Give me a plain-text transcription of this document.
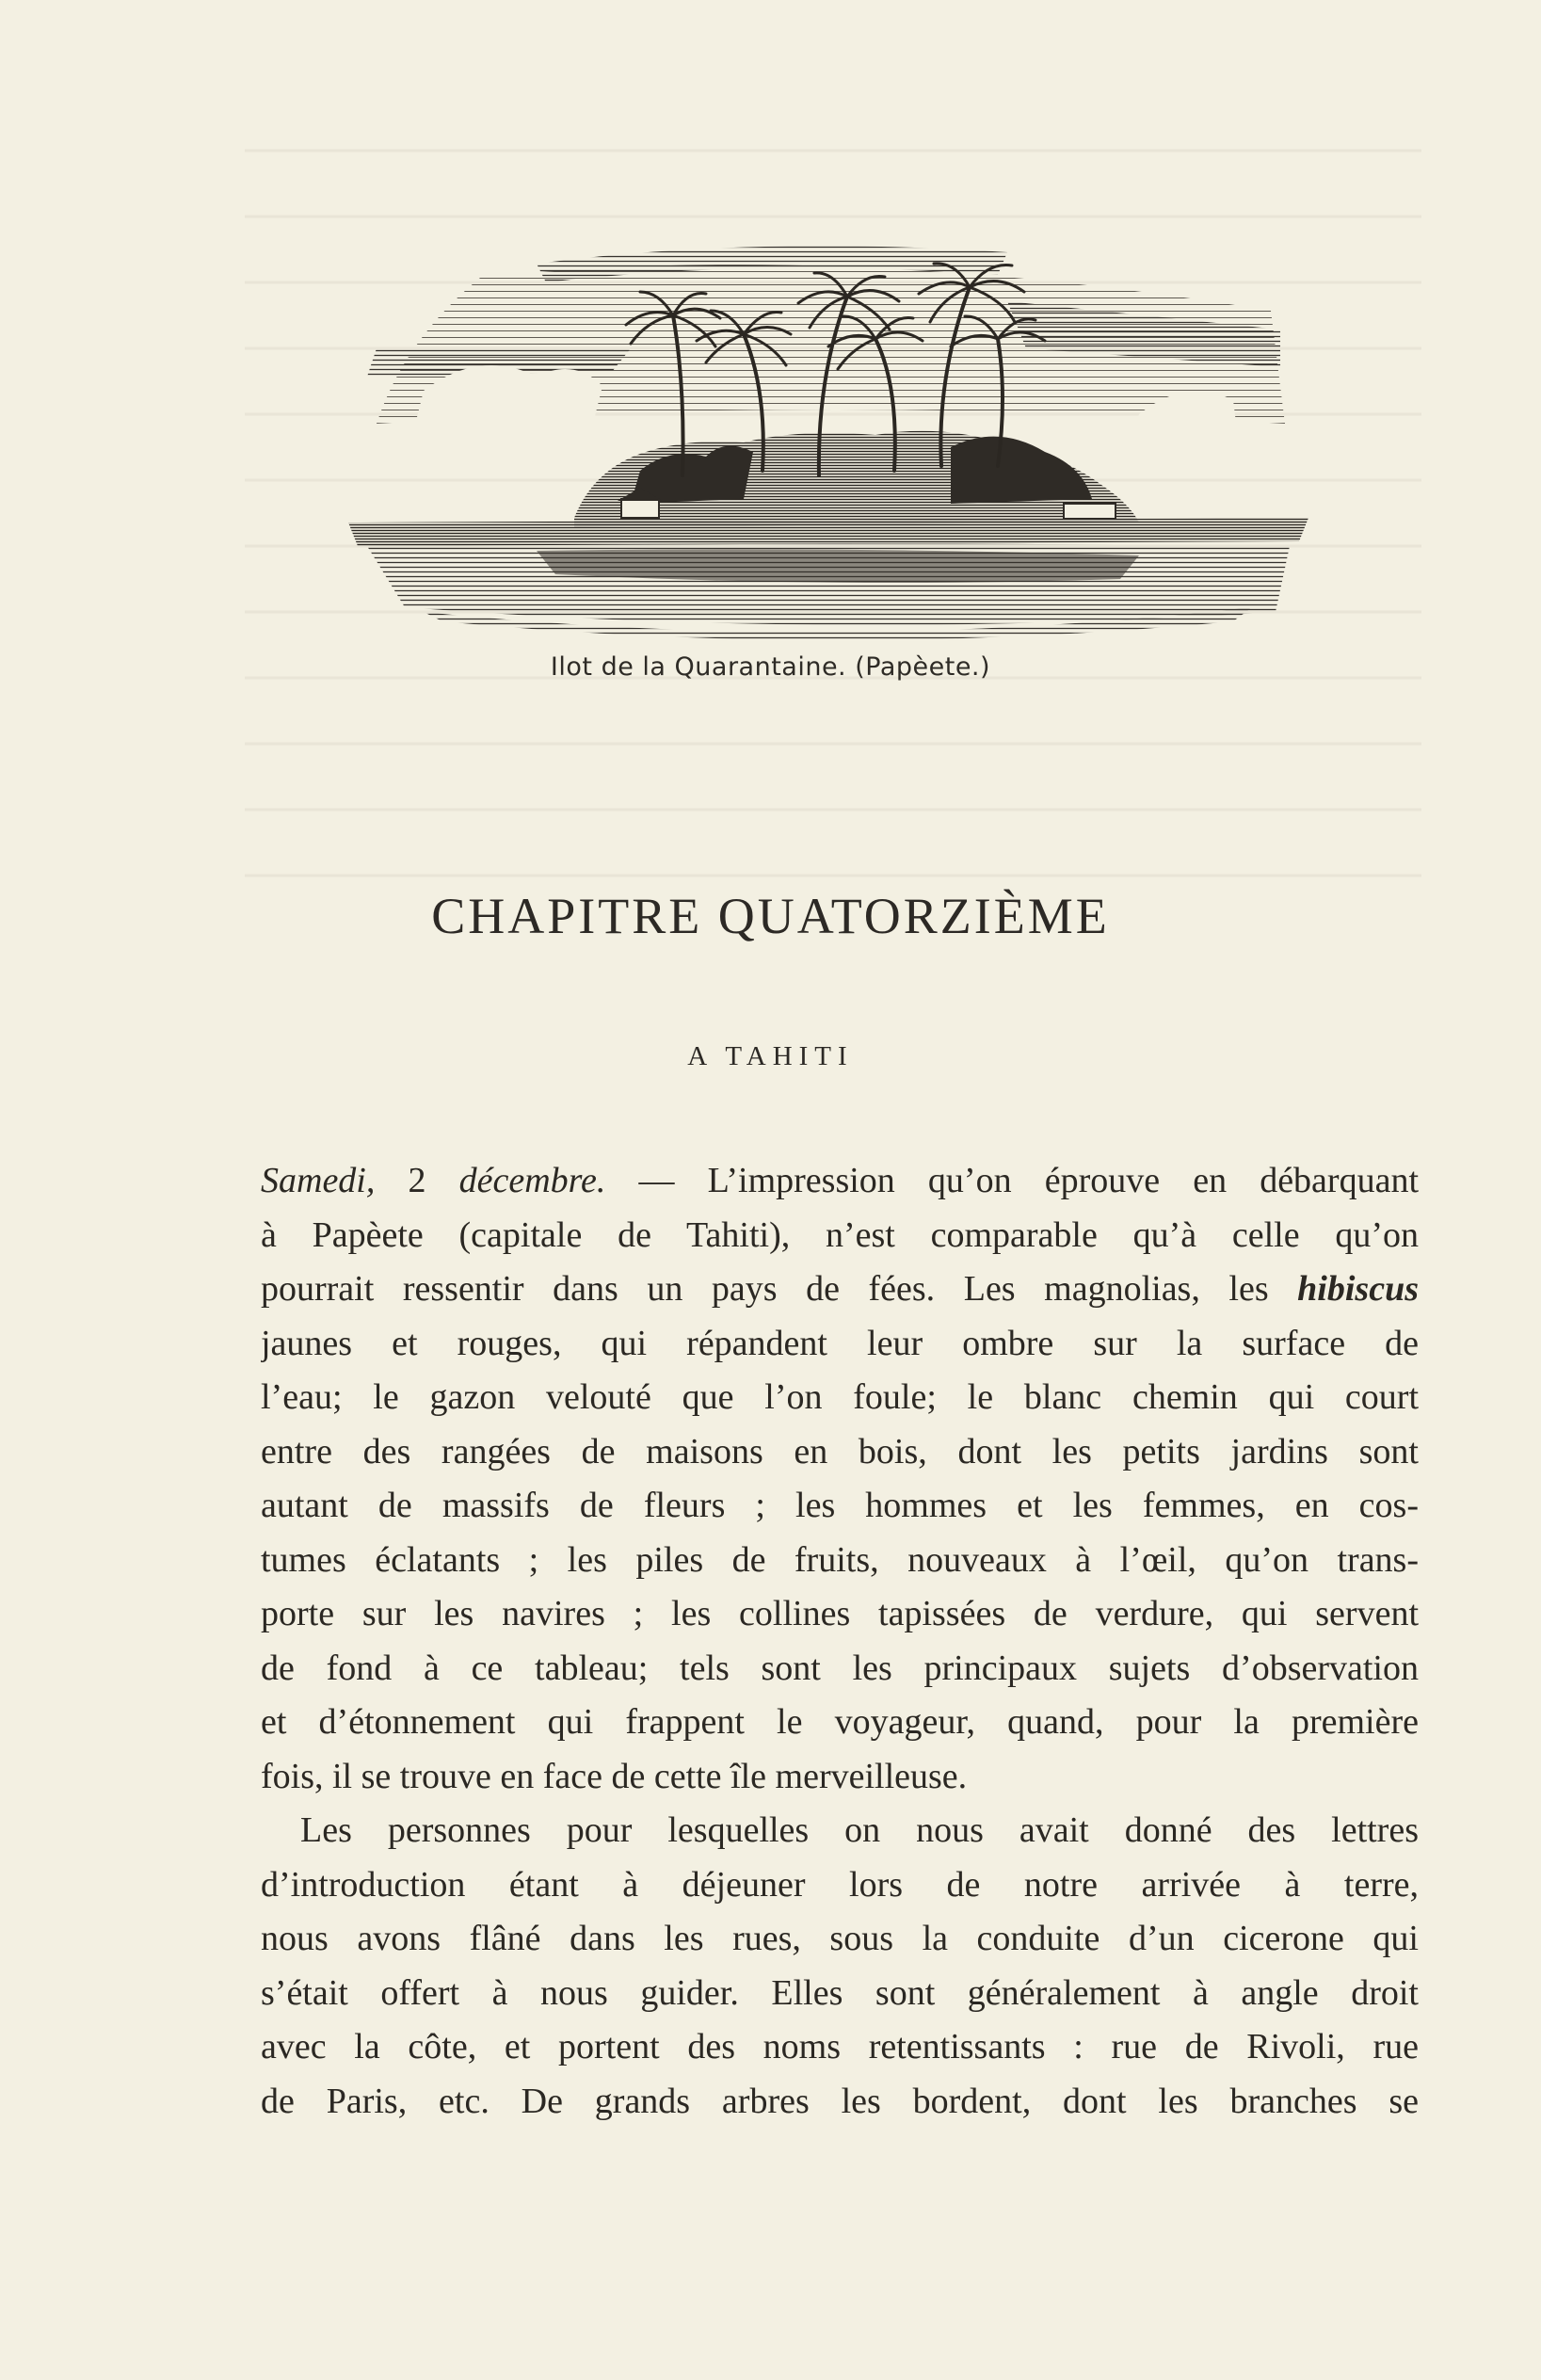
Ilot de la Quarantaine. (Papèete.)
CHAPITRE QUATORZIÈME
A TAHITI
Samedi, 2 décembre. — L’impression qu’on éprouve en débarquant
à Papèete (capitale de Tahiti), n’est comparable qu’à celle qu’on
pourrait ressentir dans un pays de fées. Les magnolias, les hibiscus
jaunes et rouges, qui répandent leur ombre sur la surface de
l’eau; le gazon velouté que l’on foule; le blanc chemin qui court
entre des rangées de maisons en bois, dont les petits jardins sont
autant de massifs de fleurs ; les hommes et les femmes, en cos-
tumes éclatants ; les piles de fruits, nouveaux à l’œil, qu’on trans-
porte sur les navires ; les collines tapissées de verdure, qui servent
de fond à ce tableau; tels sont les principaux sujets d’observation
et d’étonnement qui frappent le voyageur, quand, pour la première
fois, il se trouve en face de cette île merveilleuse.
Les personnes pour lesquelles on nous avait donné des lettres
d’introduction étant à déjeuner lors de notre arrivée à terre,
nous avons flâné dans les rues, sous la conduite d’un cicerone qui
s’était offert à nous guider. Elles sont généralement à angle droit
avec la côte, et portent des noms retentissants : rue de Rivoli, rue
de Paris, etc. De grands arbres les bordent, dont les branches se
